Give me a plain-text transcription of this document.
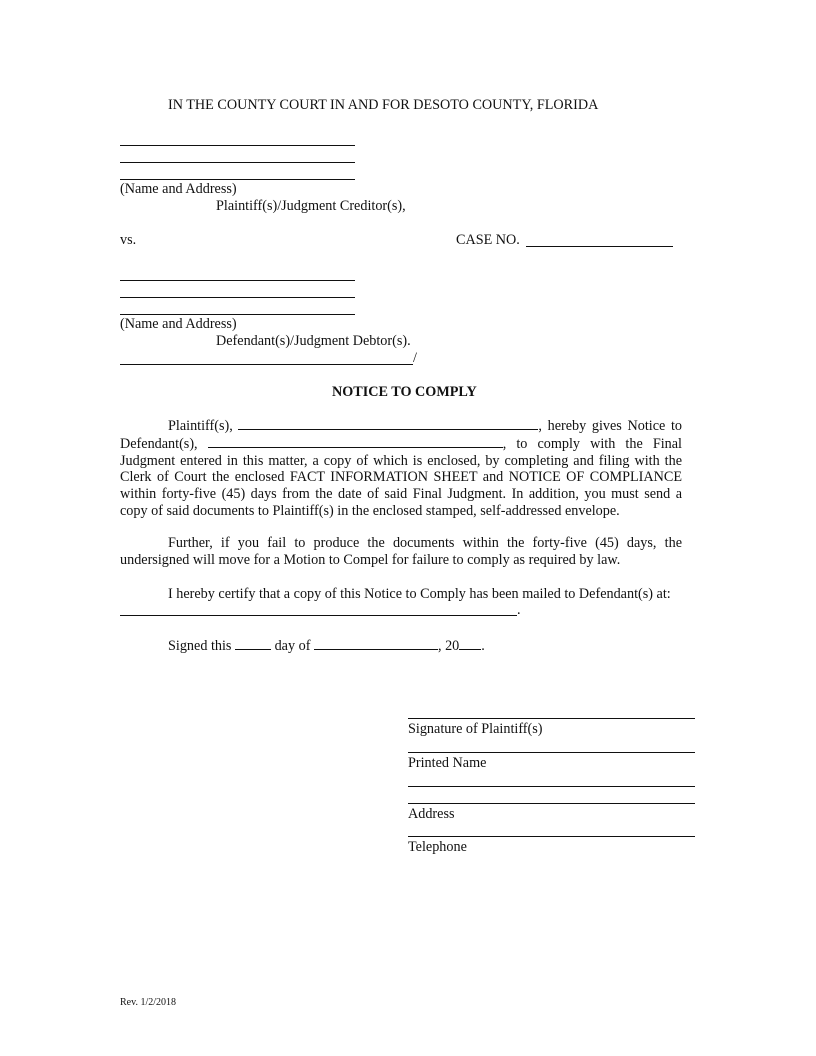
IN THE COUNTY COURT IN AND FOR DESOTO COUNTY, FLORIDA
(Name and Address)
Plaintiff(s)/Judgment Creditor(s),
vs.	CASE NO.
(Name and Address)
Defendant(s)/Judgment Debtor(s).
/
NOTICE TO COMPLY
Plaintiff(s),	, hereby gives Notice to Defendant(s),	, to comply with the Final Judgment entered in this matter, a copy of which is enclosed, by completing and filing with the Clerk of Court the enclosed FACT INFORMATION SHEET and NOTICE OF COMPLIANCE within forty-five (45) days from the date of said Final Judgment. In addition, you must send a copy of said documents to Plaintiff(s) in the enclosed stamped, self-addressed envelope.
Further, if you fail to produce the documents within the forty-five (45) days, the undersigned will move for a Motion to Compel for failure to comply as required by law.
I hereby certify that a copy of this Notice to Comply has been mailed to Defendant(s) at:
.
Signed this	day of	, 20 .
Signature of Plaintiff(s)
Printed Name
Address
Telephone
Rev. 1/2/2018
